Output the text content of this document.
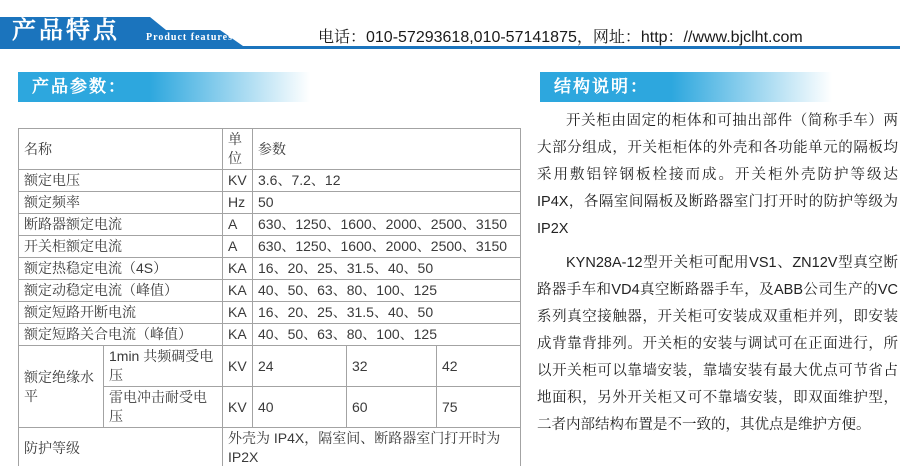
产品特点	Product features	电话：010-57293618,010-57141875，网址：http：//www.bjclht.com
产品参数：	结构说明：
名称		单位	参数		
额定电压		KV	3.6、7.2、12		
额定频率		Hz	50		
断路器额定电流		A	630、1250、1600、2000、2500、3150		
开关柜额定电流		A	630、1250、1600、2000、2500、3150		
额定热稳定电流（4S）		KA	16、20、25、31.5、40、50		
额定动稳定电流（峰值）		KA	40、50、63、80、100、125		
额定短路开断电流		KA	16、20、25、31.5、40、50		
额定短路关合电流（峰值）		KA	40、50、63、80、100、125		
额定绝缘水平	1min 共频碉受电压	KV	24	32	42
	雷电冲击耐受电压	KV	40	60	75
防护等级		外壳为 IP4X，隔室间、断路器室门打开时为 IP2X			

开关柜由固定的柜体和可抽出部件（简称手车）两大部分组成，开关柜柜体的外壳和各功能单元的隔板均采用敷铝锌钢板栓接而成。开关柜外壳防护等级达IP4X，各隔室间隔板及断路器室门打开时的防护等级为IP2X

KYN28A-12型开关柜可配用VS1、ZN12V型真空断路器手车和VD4真空断路器手车，及ABB公司生产的VC系列真空接触器，开关柜可安装成双重柜并列，即安装成背靠背排列。开关柜的安装与调试可在正面进行，所以开关柜可以靠墙安装，靠墙安装有最大优点可节省占地面积，另外开关柜又可不靠墙安装，即双面维护型，二者内部结构布置是不一致的，其优点是维护方便。
